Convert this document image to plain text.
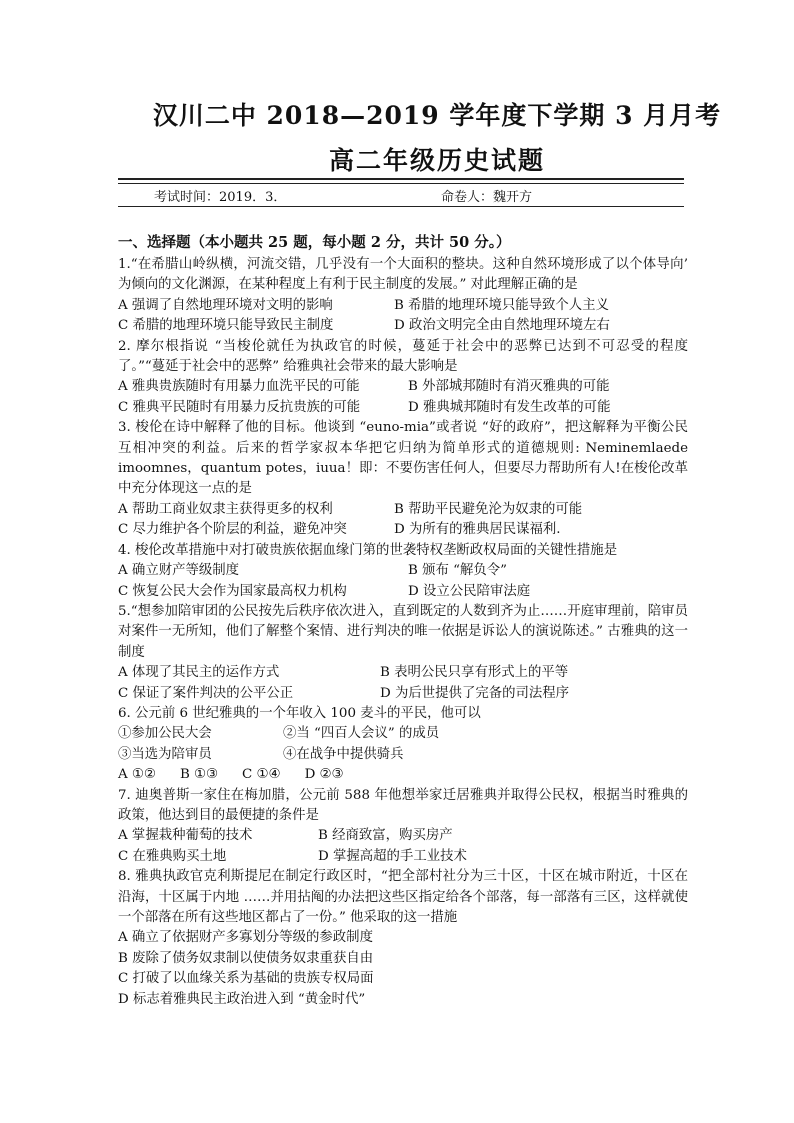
汉川二中 2018—2019 学年度下学期 3 月月考
高二年级历史试题
考试时间：2019．3．	命卷人：魏开方
一、选择题（本小题共 25 题，每小题 2 分，共计 50 分。）

1.“在希腊山岭纵横，河流交错，几乎没有一个大面积的整块。这种自然环境形成了以个体导向’ 为倾向的文化渊源，在某种程度上有利于民主制度的发展。” 对此理解正确的是

A 强调了自然地理环境对文明的影响	B 希腊的地理环境只能导致个人主义
C 希腊的地理环境只能导致民主制度	D 政治文明完全由自然地理环境左右

2. 摩尔根指说 “当梭伦就任为执政官的时候，蔓延于社会中的恶弊已达到不可忍受的程度了。”“蔓延于社会中的恶弊” 给雅典社会带来的最大影响是

A 雅典贵族随时有用暴力血洗平民的可能	B 外部城邦随时有消灭雅典的可能
C 雅典平民随时有用暴力反抗贵族的可能	D 雅典城邦随时有发生改革的可能

3. 梭伦在诗中解释了他的目标。他谈到 “euno-mia”或者说 “好的政府”，把这解释为平衡公民互相冲突的利益。后来的哲学家叔本华把它归纳为简单形式的道德规则: Neminemlaede imoomnes，quantum potes，iuua！即：不要伤害任何人，但要尽力帮助所有人!在梭伦改革中充分体现这一点的是

A 帮助工商业奴隶主获得更多的权利	B 帮助平民避免沦为奴隶的可能
C 尽力维护各个阶层的利益，避免冲突	D 为所有的雅典居民谋福利.

4. 梭伦改革措施中对打破贵族依据血缘门第的世袭特权垄断政权局面的关键性措施是

A 确立财产等级制度	B 颁布 “解负令”
C 恢复公民大会作为国家最高权力机构	D 设立公民陪审法庭

5.“想参加陪审团的公民按先后秩序依次进入，直到既定的人数到齐为止……开庭审理前，陪审员对案件一无所知，他们了解整个案情、进行判决的唯一依据是诉讼人的演说陈述。” 古雅典的这一制度

A 体现了其民主的运作方式	B 表明公民只享有形式上的平等
C 保证了案件判决的公平公正	D 为后世提供了完备的司法程序

6. 公元前 6 世纪雅典的一个年收入 100 麦斗的平民，他可以

①参加公民大会	②当 “四百人会议” 的成员
③当选为陪审员	④在战争中提供骑兵
A ①② B ①③ C ①④ D ②③

7. 迪奥普斯一家住在梅加腊，公元前 588 年他想举家迁居雅典并取得公民权，根据当时雅典的政策，他达到目的最便捷的条件是

A 掌握栽种葡萄的技术	B 经商致富，购买房产
C 在雅典购买土地	D 掌握高超的手工业技术

8. 雅典执政官克利斯提尼在制定行政区时，“把全部村社分为三十区，十区在城市附近，十区在沿海，十区属于内地 ……并用拈阄的办法把这些区指定给各个部落，每一部落有三区，这样就使一个部落在所有这些地区都占了一份。” 他采取的这一措施

A 确立了依据财产多寡划分等级的参政制度

B 废除了债务奴隶制以使债务奴隶重获自由

C 打破了以血缘关系为基础的贵族专权局面

D 标志着雅典民主政治进入到 “黄金时代”
